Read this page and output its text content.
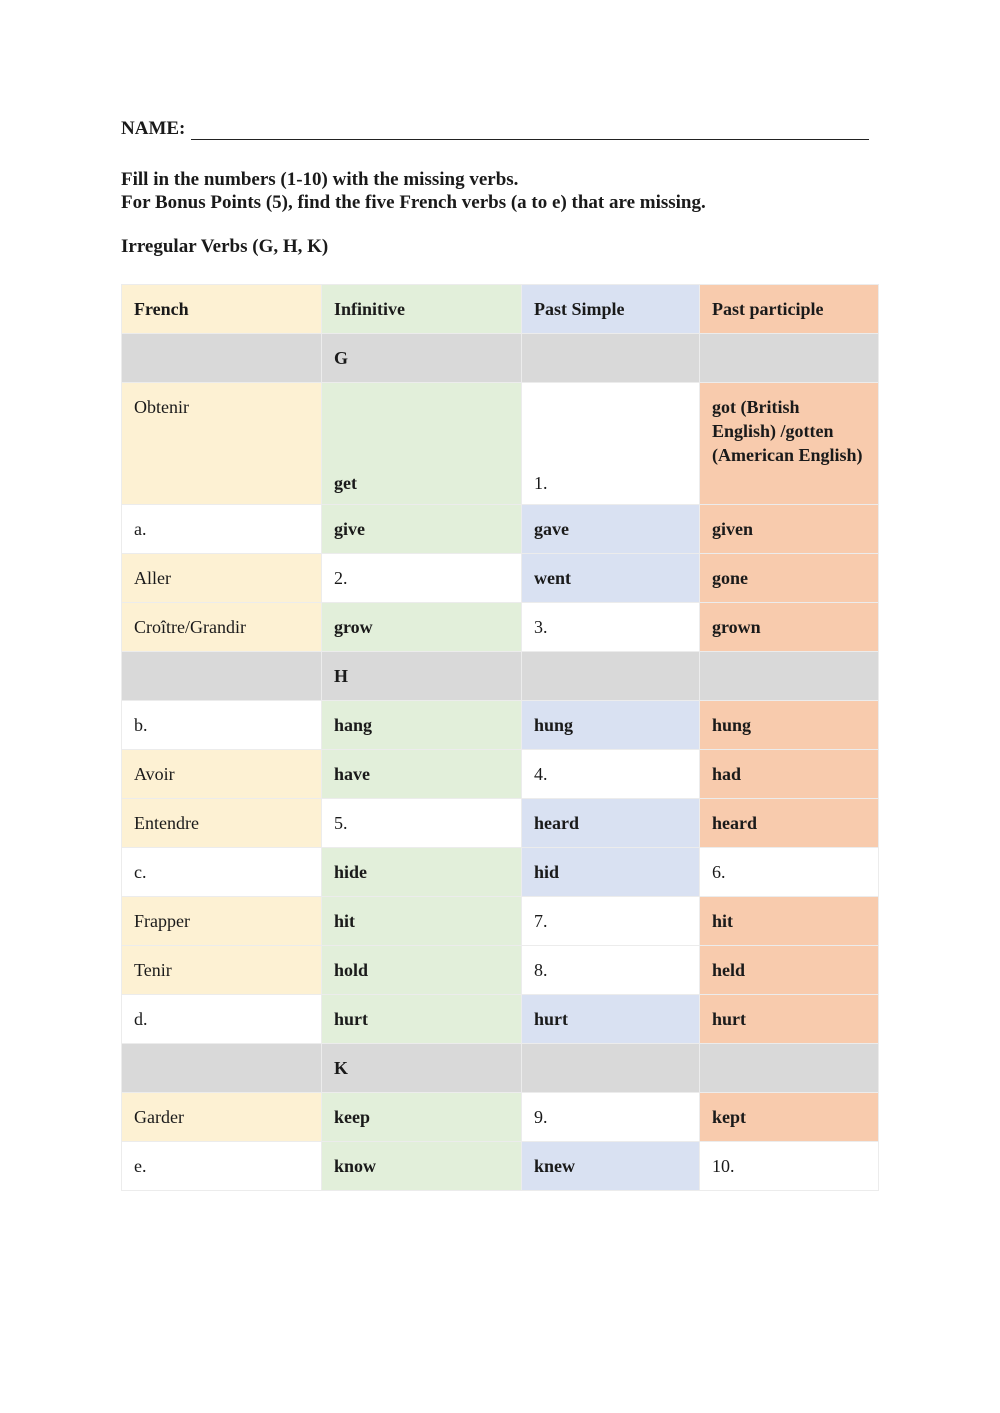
NAME:
Fill in the numbers (1-10) with the missing verbs.
For Bonus Points (5), find the five French verbs (a to e) that are missing.
Irregular Verbs (G, H, K)
French	Infinitive	Past Simple	Past participle
	G		
Obtenir	get	1.	got (British English) /gotten (American English)
a.	give	gave	given
Aller	2.	went	gone
Croître/Grandir	grow	3.	grown
	H		
b.	hang	hung	hung
Avoir	have	4.	had
Entendre	5.	heard	heard
c.	hide	hid	6.
Frapper	hit	7.	hit
Tenir	hold	8.	held
d.	hurt	hurt	hurt
	K		
Garder	keep	9.	kept
e.	know	knew	10.
